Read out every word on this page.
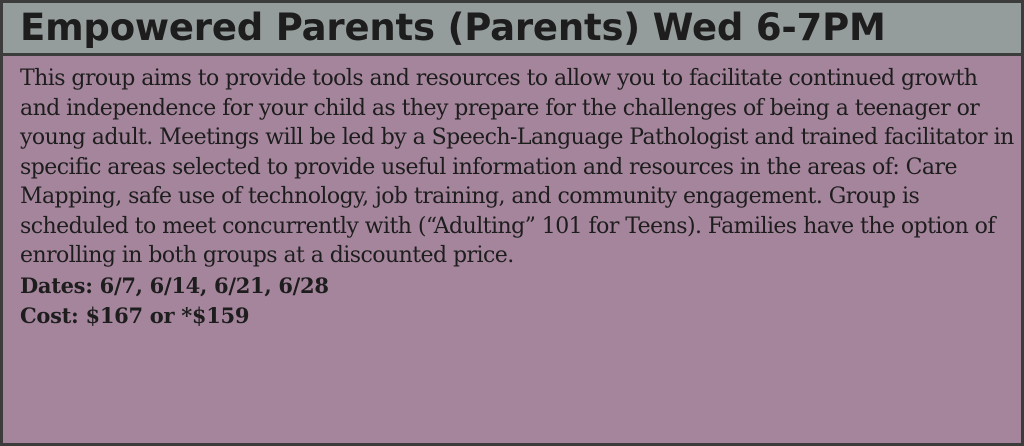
Empowered Parents (Parents) Wed 6-7PM

This group aims to provide tools and resources to allow you to facilitate continued growth and independence for your child as they prepare for the challenges of being a teenager or young adult. Meetings will be led by a Speech-Language Pathologist and trained facilitator in specific areas selected to provide useful information and resources in the areas of: Care Mapping, safe use of technology, job training, and community engagement. Group is scheduled to meet concurrently with (“Adulting” 101 for Teens). Families have the option of enrolling in both groups at a discounted price.

Dates: 6/7, 6/14, 6/21, 6/28

Cost: $167 or *$159
